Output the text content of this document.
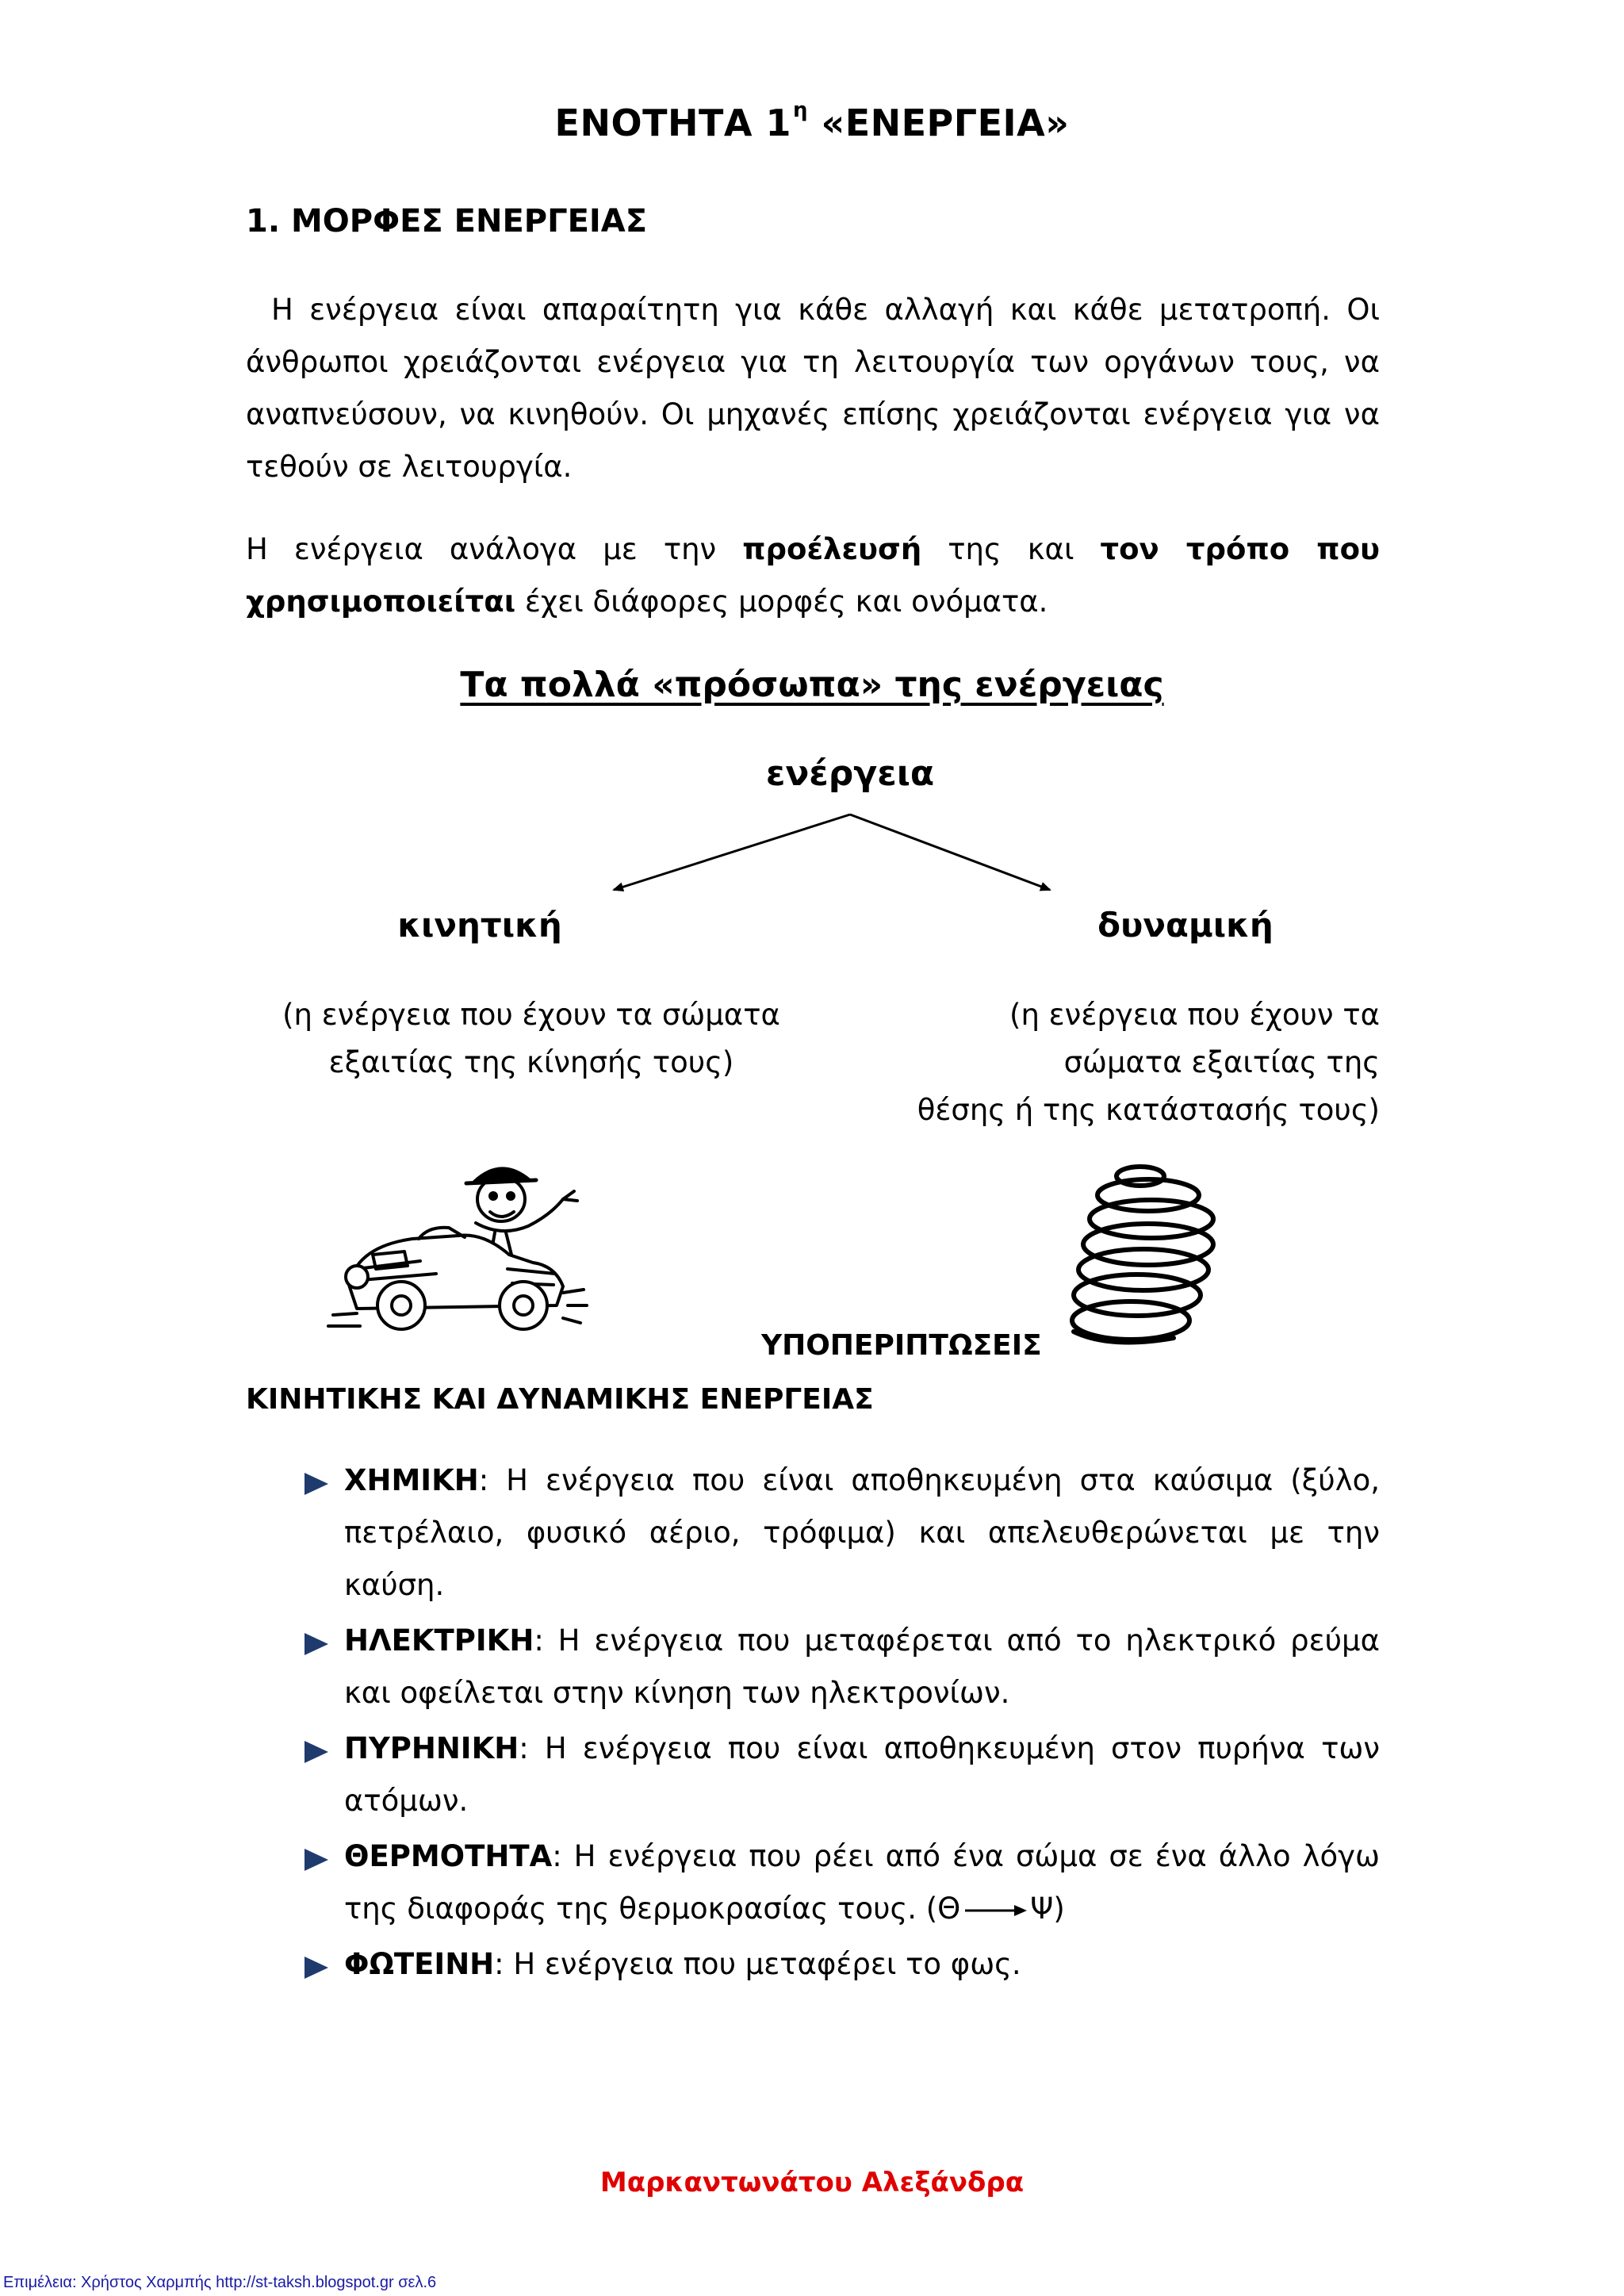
ΕΝΟΤΗΤΑ $1^\eta$ «ΕΝΕΡΓΕΙΑ»
1. ΜΟΡΦΕΣ ΕΝΕΡΓΕΙΑΣ
Η ενέργεια είναι απαραίτητη για κάθε αλλαγή και κάθε μετατροπή. Οι άνθρωποι χρειάζονται ενέργεια για τη λειτουργία των οργάνων τους, να αναπνεύσουν, να κινηθούν. Οι μηχανές επίσης χρειάζονται ενέργεια για να τεθούν σε λειτουργία.
Η ενέργεια ανάλογα με την προέλευσή της και τον τρόπο που χρησιμοποιείται έχει διάφορες μορφές και ονόματα.
Τα πολλά «πρόσωπα» της ενέργειας
ενέργεια
κινητική	δυναμική
(η ενέργεια που έχουν τα σώματα
εξαιτίας της κίνησής τους)
(η ενέργεια που έχουν τα
σώματα εξαιτίας της
θέσης ή της κατάστασής τους)
ΥΠΟΠΕΡΙΠΤΩΣΕΙΣ
ΚΙΝΗΤΙΚΗΣ ΚΑΙ ΔΥΝΑΜΙΚΗΣ ΕΝΕΡΓΕΙΑΣ
ΧΗΜΙΚΗ: Η ενέργεια που είναι αποθηκευμένη στα καύσιμα (ξύλο, πετρέλαιο, φυσικό αέριο, τρόφιμα) και απελευθερώνεται με την καύση.
ΗΛΕΚΤΡΙΚΗ: Η ενέργεια που μεταφέρεται από το ηλεκτρικό ρεύμα και οφείλεται στην κίνηση των ηλεκτρονίων.
ΠΥΡΗΝΙΚΗ: Η ενέργεια που είναι αποθηκευμένη στον πυρήνα των ατόμων.
ΘΕΡΜΟΤΗΤΑ: Η ενέργεια που ρέει από ένα σώμα σε ένα άλλο λόγω της διαφοράς της θερμοκρασίας τους. (Θ Ψ)
ΦΩΤΕΙΝΗ: Η ενέργεια που μεταφέρει το φως.
Μαρκαντωνάτου Αλεξάνδρα
Επιμέλεια: Χρήστος Χαρμπής http://st-taksh.blogspot.gr σελ.6
